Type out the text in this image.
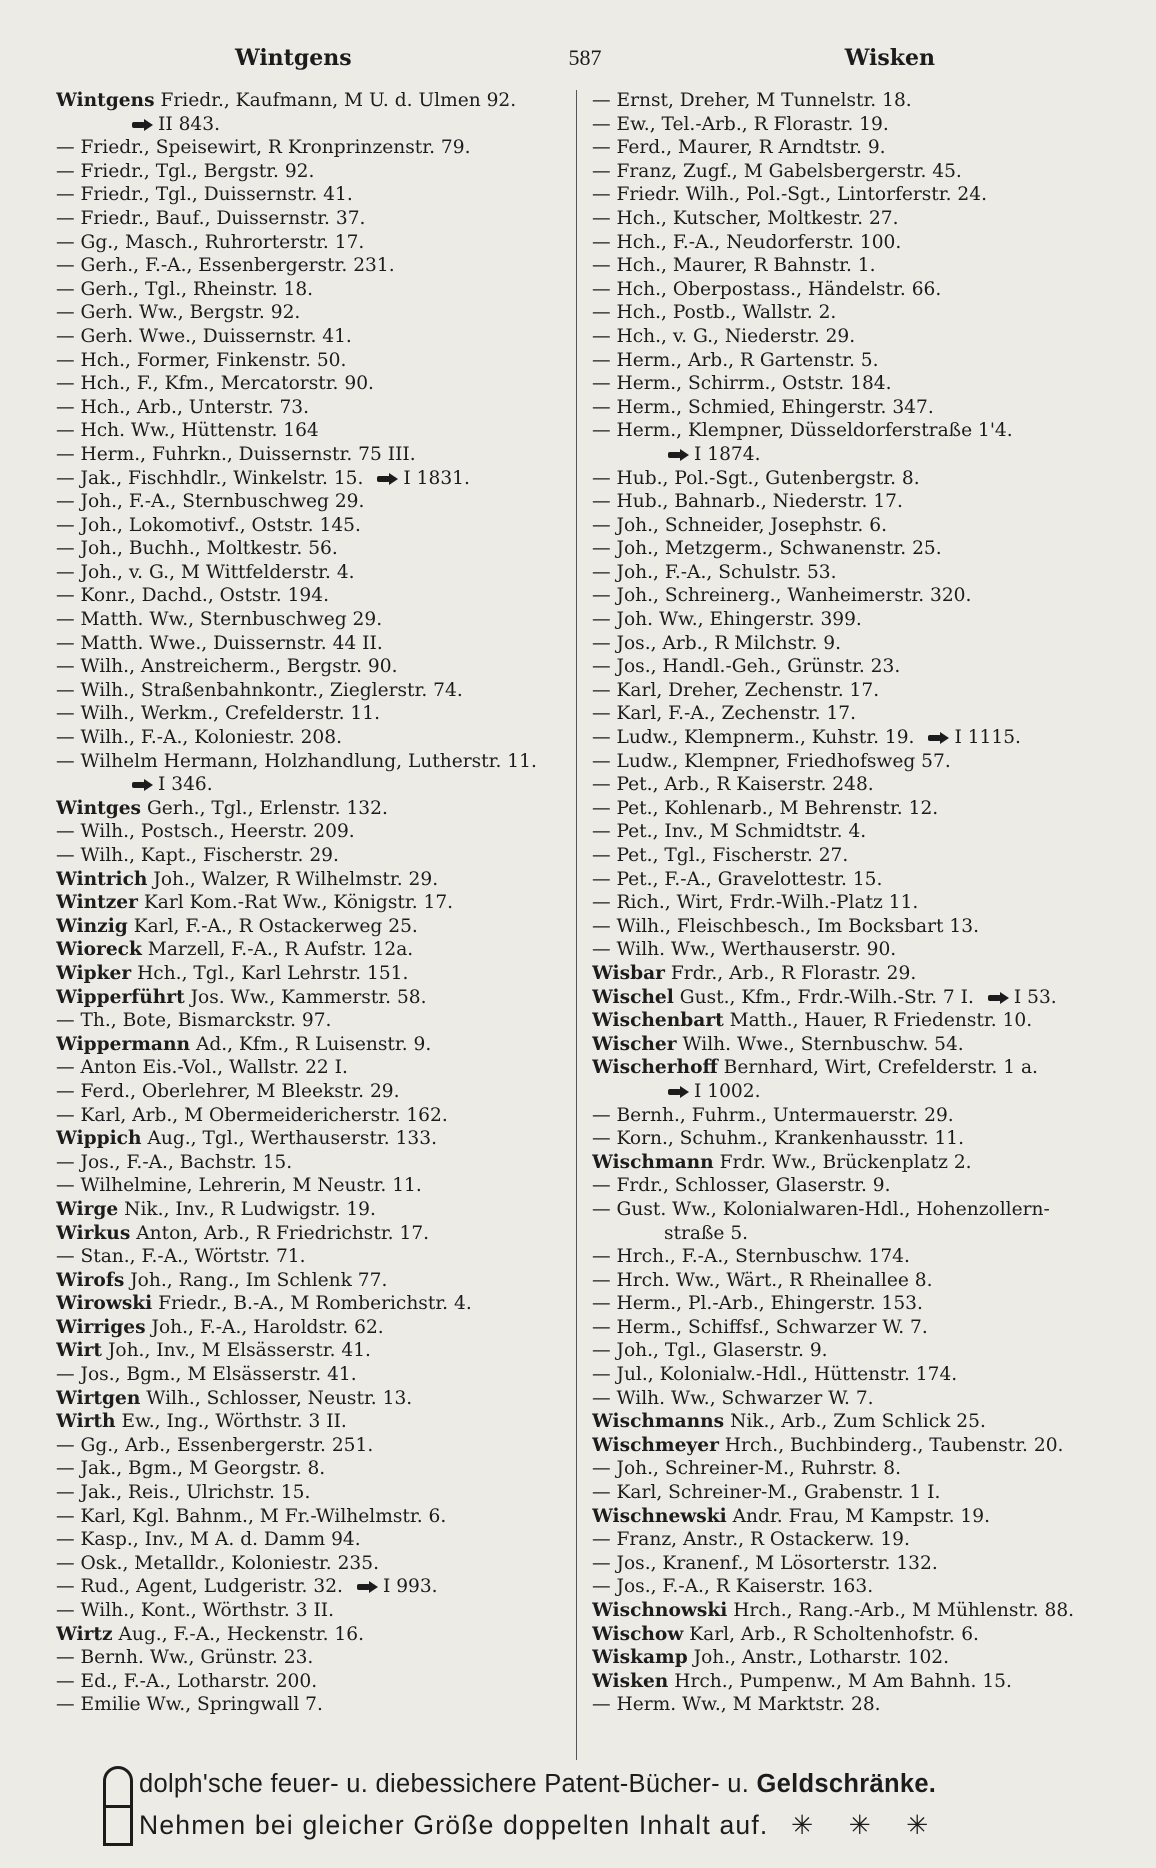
Wintgens	587	Wisken
Wintgens Friedr., Kaufmann, M U. d. Ulmen 92.
II 843.
— Friedr., Speisewirt, R Kronprinzenstr. 79.
— Friedr., Tgl., Bergstr. 92.
— Friedr., Tgl., Duissernstr. 41.
— Friedr., Bauf., Duissernstr. 37.
— Gg., Masch., Ruhrorterstr. 17.
— Gerh., F.-A., Essenbergerstr. 231.
— Gerh., Tgl., Rheinstr. 18.
— Gerh. Ww., Bergstr. 92.
— Gerh. Wwe., Duissernstr. 41.
— Hch., Former, Finkenstr. 50.
— Hch., F., Kfm., Mercatorstr. 90.
— Hch., Arb., Unterstr. 73.
— Hch. Ww., Hüttenstr. 164
— Herm., Fuhrkn., Duissernstr. 75 III.
— Jak., Fischhdlr., Winkelstr. 15. I 1831.
— Joh., F.-A., Sternbuschweg 29.
— Joh., Lokomotivf., Oststr. 145.
— Joh., Buchh., Moltkestr. 56.
— Joh., v. G., M Wittfelderstr. 4.
— Konr., Dachd., Oststr. 194.
— Matth. Ww., Sternbuschweg 29.
— Matth. Wwe., Duissernstr. 44 II.
— Wilh., Anstreicherm., Bergstr. 90.
— Wilh., Straßenbahnkontr., Zieglerstr. 74.
— Wilh., Werkm., Crefelderstr. 11.
— Wilh., F.-A., Koloniestr. 208.
— Wilhelm Hermann, Holzhandlung, Lutherstr. 11.
I 346.
Wintges Gerh., Tgl., Erlenstr. 132.
— Wilh., Postsch., Heerstr. 209.
— Wilh., Kapt., Fischerstr. 29.
Wintrich Joh., Walzer, R Wilhelmstr. 29.
Wintzer Karl Kom.-Rat Ww., Königstr. 17.
Winzig Karl, F.-A., R Ostackerweg 25.
Wioreck Marzell, F.-A., R Aufstr. 12a.
Wipker Hch., Tgl., Karl Lehrstr. 151.
Wipperführt Jos. Ww., Kammerstr. 58.
— Th., Bote, Bismarckstr. 97.
Wippermann Ad., Kfm., R Luisenstr. 9.
— Anton Eis.-Vol., Wallstr. 22 I.
— Ferd., Oberlehrer, M Bleekstr. 29.
— Karl, Arb., M Obermeidericherstr. 162.
Wippich Aug., Tgl., Werthauserstr. 133.
— Jos., F.-A., Bachstr. 15.
— Wilhelmine, Lehrerin, M Neustr. 11.
Wirge Nik., Inv., R Ludwigstr. 19.
Wirkus Anton, Arb., R Friedrichstr. 17.
— Stan., F.-A., Wörtstr. 71.
Wirofs Joh., Rang., Im Schlenk 77.
Wirowski Friedr., B.-A., M Romberichstr. 4.
Wirriges Joh., F.-A., Haroldstr. 62.
Wirt Joh., Inv., M Elsässerstr. 41.
— Jos., Bgm., M Elsässerstr. 41.
Wirtgen Wilh., Schlosser, Neustr. 13.
Wirth Ew., Ing., Wörthstr. 3 II.
— Gg., Arb., Essenbergerstr. 251.
— Jak., Bgm., M Georgstr. 8.
— Jak., Reis., Ulrichstr. 15.
— Karl, Kgl. Bahnm., M Fr.-Wilhelmstr. 6.
— Kasp., Inv., M A. d. Damm 94.
— Osk., Metalldr., Koloniestr. 235.
— Rud., Agent, Ludgeristr. 32. I 993.
— Wilh., Kont., Wörthstr. 3 II.
Wirtz Aug., F.-A., Heckenstr. 16.
— Bernh. Ww., Grünstr. 23.
— Ed., F.-A., Lotharstr. 200.
— Emilie Ww., Springwall 7.
— Ernst, Dreher, M Tunnelstr. 18.
— Ew., Tel.-Arb., R Florastr. 19.
— Ferd., Maurer, R Arndtstr. 9.
— Franz, Zugf., M Gabelsbergerstr. 45.
— Friedr. Wilh., Pol.-Sgt., Lintorferstr. 24.
— Hch., Kutscher, Moltkestr. 27.
— Hch., F.-A., Neudorferstr. 100.
— Hch., Maurer, R Bahnstr. 1.
— Hch., Oberpostass., Händelstr. 66.
— Hch., Postb., Wallstr. 2.
— Hch., v. G., Niederstr. 29.
— Herm., Arb., R Gartenstr. 5.
— Herm., Schirrm., Oststr. 184.
— Herm., Schmied, Ehingerstr. 347.
— Herm., Klempner, Düsseldorferstraße 1'4.
I 1874.
— Hub., Pol.-Sgt., Gutenbergstr. 8.
— Hub., Bahnarb., Niederstr. 17.
— Joh., Schneider, Josephstr. 6.
— Joh., Metzgerm., Schwanenstr. 25.
— Joh., F.-A., Schulstr. 53.
— Joh., Schreinerg., Wanheimerstr. 320.
— Joh. Ww., Ehingerstr. 399.
— Jos., Arb., R Milchstr. 9.
— Jos., Handl.-Geh., Grünstr. 23.
— Karl, Dreher, Zechenstr. 17.
— Karl, F.-A., Zechenstr. 17.
— Ludw., Klempnerm., Kuhstr. 19. I 1115.
— Ludw., Klempner, Friedhofsweg 57.
— Pet., Arb., R Kaiserstr. 248.
— Pet., Kohlenarb., M Behrenstr. 12.
— Pet., Inv., M Schmidtstr. 4.
— Pet., Tgl., Fischerstr. 27.
— Pet., F.-A., Gravelottestr. 15.
— Rich., Wirt, Frdr.-Wilh.-Platz 11.
— Wilh., Fleischbesch., Im Bocksbart 13.
— Wilh. Ww., Werthauserstr. 90.
Wisbar Frdr., Arb., R Florastr. 29.
Wischel Gust., Kfm., Frdr.-Wilh.-Str. 7 I. I 53.
Wischenbart Matth., Hauer, R Friedenstr. 10.
Wischer Wilh. Wwe., Sternbuschw. 54.
Wischerhoff Bernhard, Wirt, Crefelderstr. 1 a.
I 1002.
— Bernh., Fuhrm., Untermauerstr. 29.
— Korn., Schuhm., Krankenhausstr. 11.
Wischmann Frdr. Ww., Brückenplatz 2.
— Frdr., Schlosser, Glaserstr. 9.
— Gust. Ww., Kolonialwaren-Hdl., Hohenzollern-
straße 5.
— Hrch., F.-A., Sternbuschw. 174.
— Hrch. Ww., Wärt., R Rheinallee 8.
— Herm., Pl.-Arb., Ehingerstr. 153.
— Herm., Schiffsf., Schwarzer W. 7.
— Joh., Tgl., Glaserstr. 9.
— Jul., Kolonialw.-Hdl., Hüttenstr. 174.
— Wilh. Ww., Schwarzer W. 7.
Wischmanns Nik., Arb., Zum Schlick 25.
Wischmeyer Hrch., Buchbinderg., Taubenstr. 20.
— Joh., Schreiner-M., Ruhrstr. 8.
— Karl, Schreiner-M., Grabenstr. 1 I.
Wischnewski Andr. Frau, M Kampstr. 19.
— Franz, Anstr., R Ostackerw. 19.
— Jos., Kranenf., M Lösorterstr. 132.
— Jos., F.-A., R Kaiserstr. 163.
Wischnowski Hrch., Rang.-Arb., M Mühlenstr. 88.
Wischow Karl, Arb., R Scholtenhofstr. 6.
Wiskamp Joh., Anstr., Lotharstr. 102.
Wisken Hrch., Pumpenw., M Am Bahnh. 15.
— Herm. Ww., M Marktstr. 28.
dolph'sche feuer- u. diebessichere Patent-Bücher- u. Geldschränke.
Nehmen bei gleicher Größe doppelten Inhalt auf. ✳ ✳ ✳
